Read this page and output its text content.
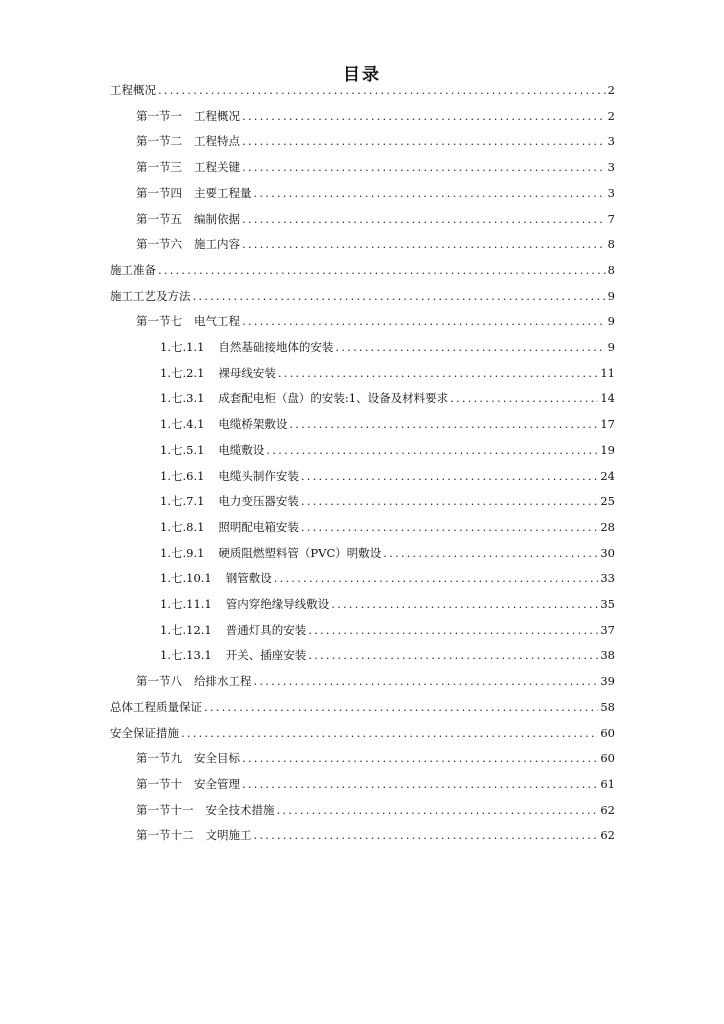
目录
工程概况 .....	2
第一节一 工程概况 .....	2
第一节二 工程特点 .....	3
第一节三 工程关键 .....	3
第一节四 主要工程量 .....	3
第一节五 编制依据 .....	7
第一节六 施工内容 .....	8
施工准备 .....	8
施工工艺及方法 .....	9
第一节七 电气工程 .....	9
1.七.1.1 自然基础接地体的安装 .....	9
1.七.2.1 裸母线安装 .....	11
1.七.3.1 成套配电柜（盘）的安装:1、设备及材料要求 .....	14
1.七.4.1 电缆桥架敷设 .....	17
1.七.5.1 电缆敷设 .....	19
1.七.6.1 电缆头制作安装 .....	24
1.七.7.1 电力变压器安装 .....	25
1.七.8.1 照明配电箱安装 .....	28
1.七.9.1 硬质阻燃塑料管（PVC）明敷设 .....	30
1.七.10.1 钢管敷设 .....	33
1.七.11.1 管内穿绝缘导线敷设 .....	35
1.七.12.1 普通灯具的安装 .....	37
1.七.13.1 开关、插座安装 .....	38
第一节八 给排水工程 .....	39
总体工程质量保证 .....	58
安全保证措施 .....	60
第一节九 安全目标 .....	60
第一节十 安全管理 .....	61
第一节十一 安全技术措施 .....	62
第一节十二 文明施工 .....	62
